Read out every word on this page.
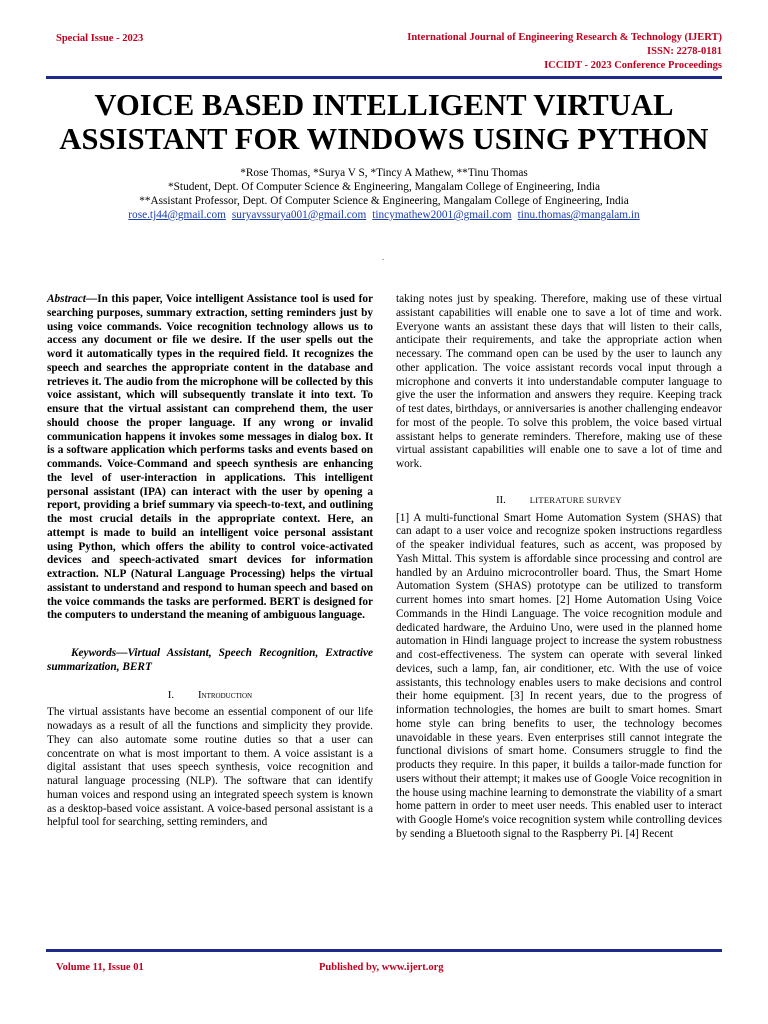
Special Issue - 2023	International Journal of Engineering Research & Technology (IJERT)
ISSN: 2278-0181
ICCIDT - 2023 Conference Proceedings
VOICE BASED INTELLIGENT VIRTUAL
ASSISTANT FOR WINDOWS USING PYTHON
*Rose Thomas, *Surya V S, *Tincy A Mathew, **Tinu Thomas
*Student, Dept. Of Computer Science & Engineering, Mangalam College of Engineering, India
**Assistant Professor, Dept. Of Computer Science & Engineering, Mangalam College of Engineering, India
rose.tj44@gmail.com suryavssurya001@gmail.com tincymathew2001@gmail.com tinu.thomas@mangalam.in
.

Abstract—In this paper, Voice intelligent Assistance tool is used for searching purposes, summary extraction, setting reminders just by using voice commands. Voice recognition technology allows us to access any document or file we desire. If the user spells out the word it automatically types in the required field. It recognizes the speech and searches the appropriate content in the database and retrieves it. The audio from the microphone will be collected by this voice assistant, which will subsequently translate it into text. To ensure that the virtual assistant can comprehend them, the user should choose the proper language. If any wrong or invalid communication happens it invokes some messages in dialog box. It is a software application which performs tasks and events based on commands. Voice-Command and speech synthesis are enhancing the level of user-interaction in applications. This intelligent personal assistant (IPA) can interact with the user by opening a report, providing a brief summary via speech-to-text, and outlining the most crucial details in the appropriate context. Here, an attempt is made to build an intelligent voice personal assistant using Python, which offers the ability to control voice-activated devices and speech-activated smart devices for information extraction. NLP (Natural Language Processing) helps the virtual assistant to understand and respond to human speech and based on the voice commands the tasks are performed. BERT is designed for the computers to understand the meaning of ambiguous language.

Keywords—Virtual Assistant, Speech Recognition, Extractive summarization, BERT

I. Introduction

The virtual assistants have become an essential component of our life nowadays as a result of all the functions and simplicity they provide. They can also automate some routine duties so that a user can concentrate on what is most important to them. A voice assistant is a digital assistant that uses speech synthesis, voice recognition and natural language processing (NLP). The software that can identify human voices and respond using an integrated speech system is known as a desktop-based voice assistant. A voice-based personal assistant is a helpful tool for searching, setting reminders, and

taking notes just by speaking. Therefore, making use of these virtual assistant capabilities will enable one to save a lot of time and work. Everyone wants an assistant these days that will listen to their calls, anticipate their requirements, and take the appropriate action when necessary. The command open can be used by the user to launch any other application. The voice assistant records vocal input through a microphone and converts it into understandable computer language to give the user the information and answers they require. Keeping track of test dates, birthdays, or anniversaries is another challenging endeavor for most of the people. To solve this problem, the voice based virtual assistant helps to generate reminders. Therefore, making use of these virtual assistant capabilities will enable one to save a lot of time and work.

II.	LITERATURE SURVEY

[1] A multi-functional Smart Home Automation System (SHAS) that can adapt to a user voice and recognize spoken instructions regardless of the speaker individual features, such as accent, was proposed by Yash Mittal. This system is affordable since processing and control are handled by an Arduino microcontroller board. Thus, the Smart Home Automation System (SHAS) prototype can be utilized to transform current homes into smart homes. [2] Home Automation Using Voice Commands in the Hindi Language. The voice recognition module and dedicated hardware, the Arduino Uno, were used in the planned home automation in Hindi language project to increase the system robustness and cost-effectiveness. The system can operate with several linked devices, such a lamp, fan, air conditioner, etc. With the use of voice assistants, this technology enables users to make decisions and control their home equipment. [3] In recent years, due to the progress of information technologies, the homes are built to smart homes. Smart home style can bring benefits to user, the technology becomes unavoidable in these years. Even enterprises still cannot integrate the functional divisions of smart home. Consumers struggle to find the products they require. In this paper, it builds a tailor-made function for users without their attempt; it makes use of Google Voice recognition in the house using machine learning to demonstrate the viability of a smart home pattern in order to meet user needs. This enabled user to interact with Google Home's voice recognition system while controlling devices by sending a Bluetooth signal to the Raspberry Pi. [4] Recent

Volume 11, Issue 01	Published by, www.ijert.org
